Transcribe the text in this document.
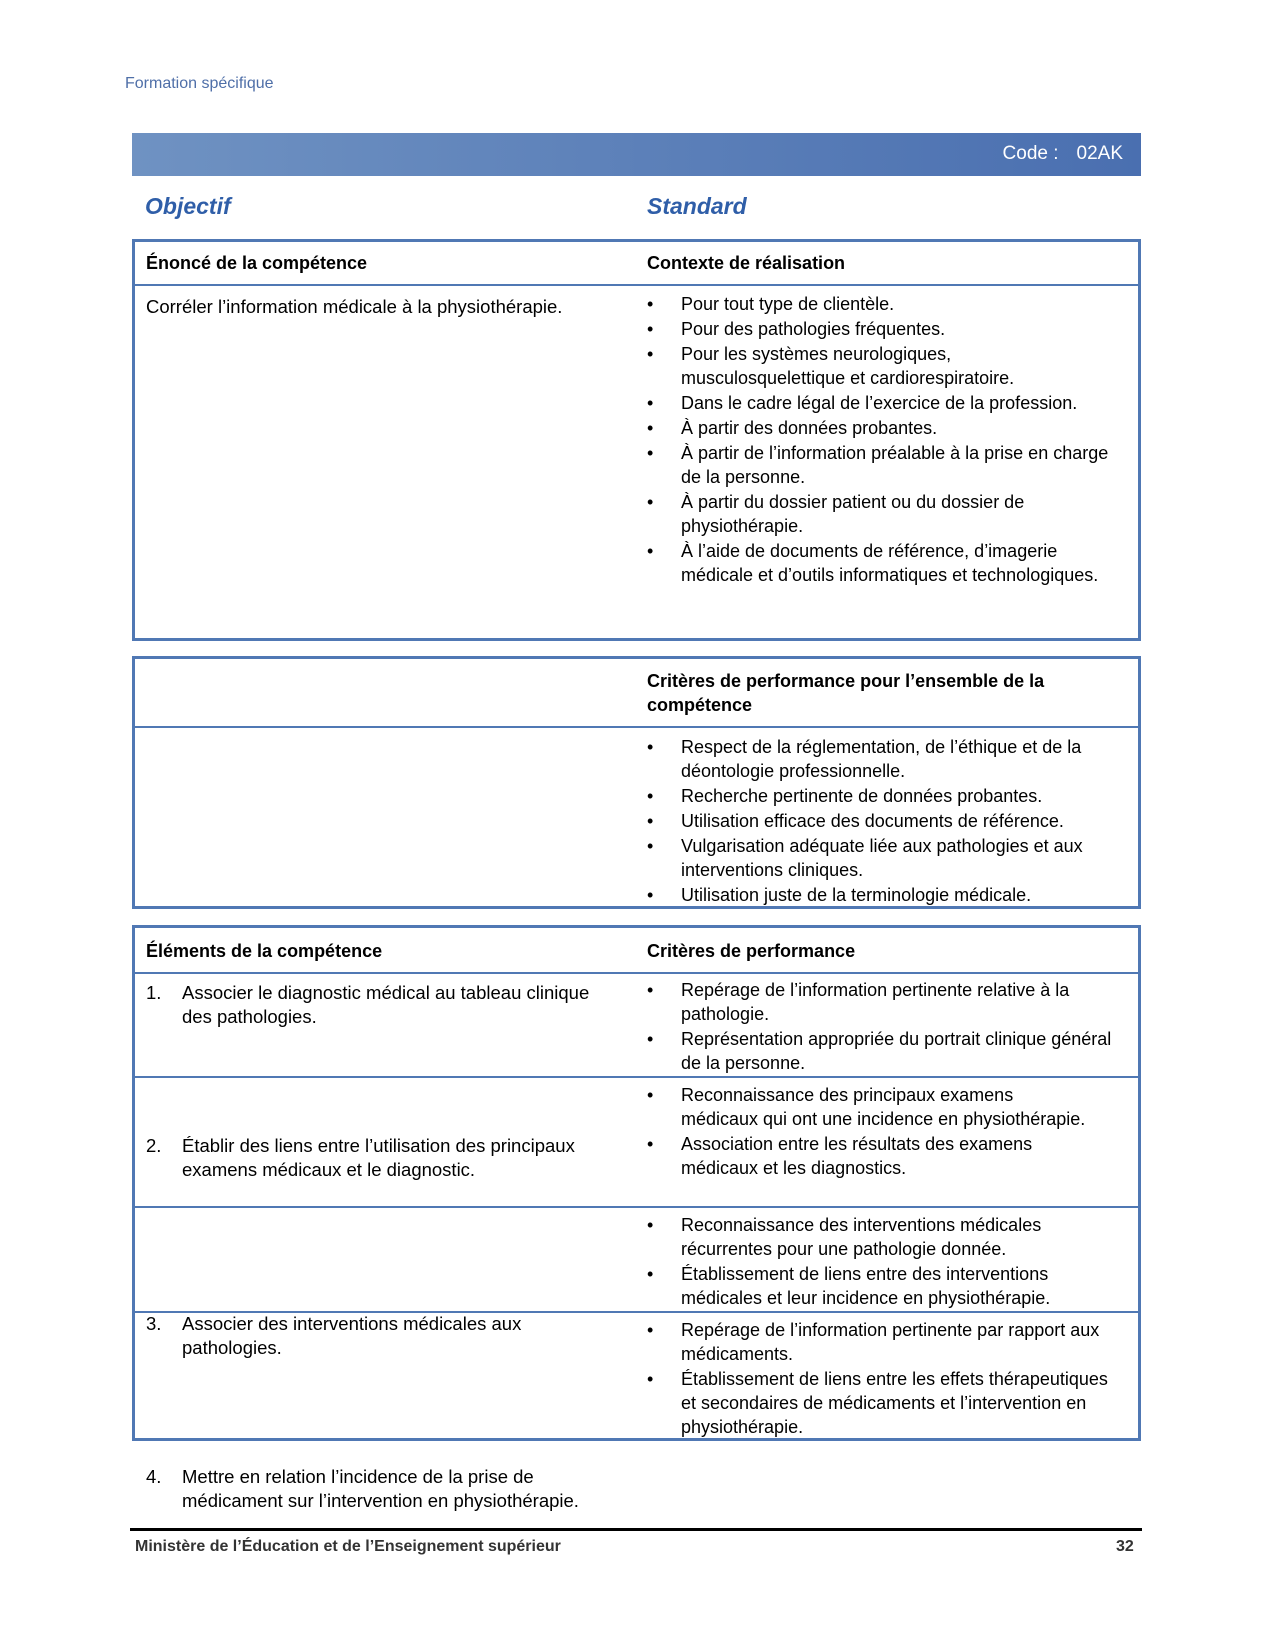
Formation spécifique
Code : 02AK
Objectif	Standard
Énoncé de la compétence	Contexte de réalisation
Corréler l’information médicale à la physiothérapie.
•	Pour tout type de clientèle.
• Pour des pathologies fréquentes.
• Pour les systèmes neurologiques, musculosquelettique et cardiorespiratoire.
• Dans le cadre légal de l’exercice de la profession.
• À partir des données probantes.
• À partir de l’information préalable à la prise en charge de la personne.
• À partir du dossier patient ou du dossier de physiothérapie.
• À l’aide de documents de référence, d’imagerie médicale et d’outils informatiques et technologiques.
Critères de performance pour l’ensemble de la compétence
• Respect de la réglementation, de l’éthique et de la déontologie professionnelle.
• Recherche pertinente de données probantes.
• Utilisation efficace des documents de référence.
• Vulgarisation adéquate liée aux pathologies et aux interventions cliniques.
• Utilisation juste de la terminologie médicale.
Éléments de la compétence	Critères de performance
1. Associer le diagnostic médical au tableau clinique des pathologies.
• Repérage de l’information pertinente relative à la pathologie.
• Représentation appropriée du portrait clinique général de la personne.
2. Établir des liens entre l’utilisation des principaux examens médicaux et le diagnostic.
• Reconnaissance des principaux examens médicaux qui ont une incidence en physiothérapie.
• Association entre les résultats des examens médicaux et les diagnostics.
3. Associer des interventions médicales aux pathologies.
• Reconnaissance des interventions médicales récurrentes pour une pathologie donnée.
• Établissement de liens entre des interventions médicales et leur incidence en physiothérapie.
4. Mettre en relation l’incidence de la prise de médicament sur l’intervention en physiothérapie.
• Repérage de l’information pertinente par rapport aux médicaments.
• Établissement de liens entre les effets thérapeutiques et secondaires de médicaments et l’intervention en physiothérapie.
Ministère de l’Éducation et de l’Enseignement supérieur	32
